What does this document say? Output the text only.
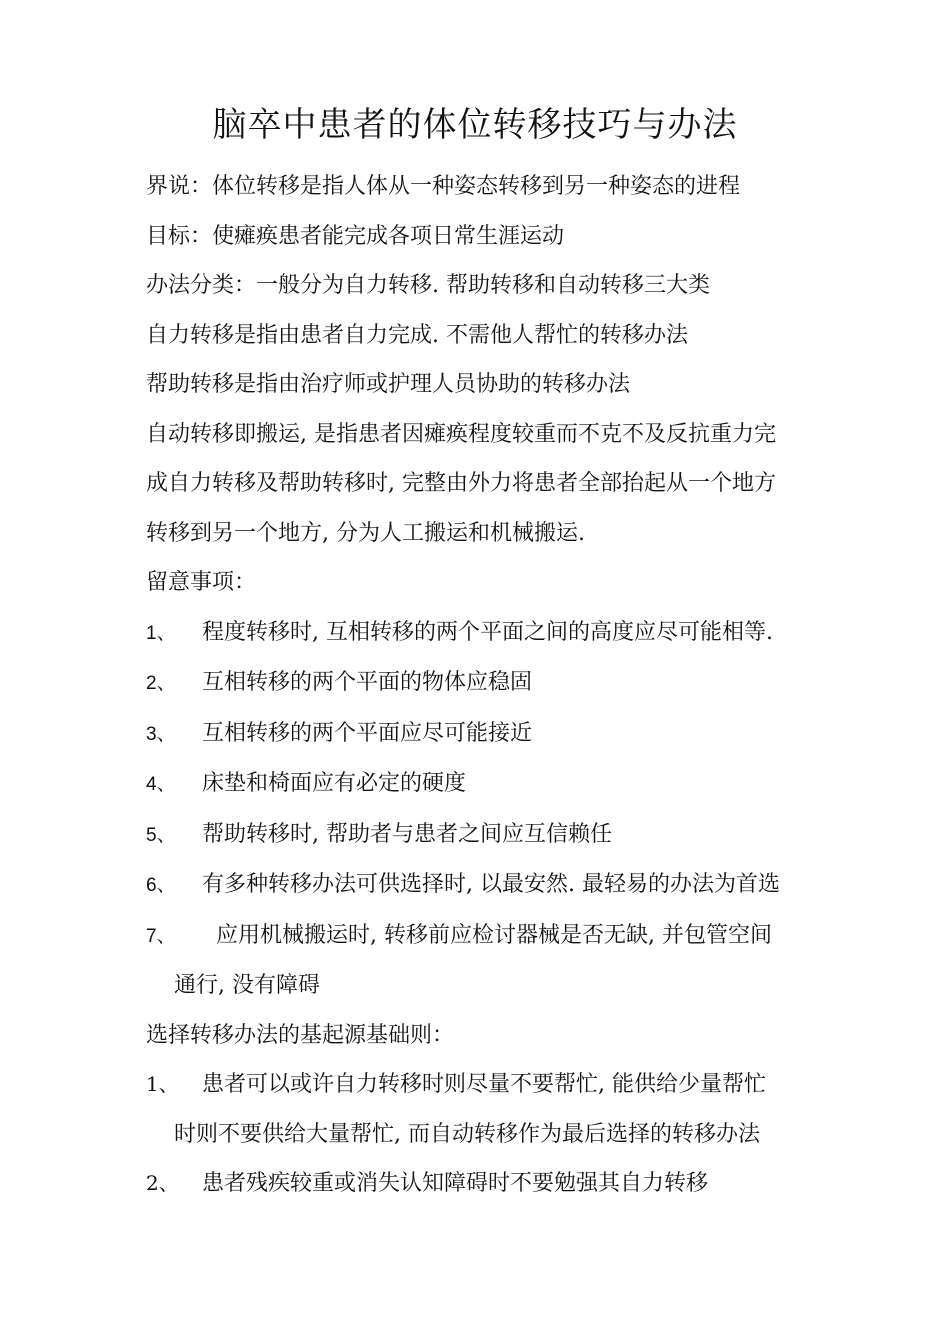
脑卒中患者的体位转移技巧与办法
界说：体位转移是指人体从一种姿态转移到另一种姿态的进程
目标：使瘫痪患者能完成各项日常生涯运动
办法分类：一般分为自力转移. 帮助转移和自动转移三大类
自力转移是指由患者自力完成. 不需他人帮忙的转移办法
帮助转移是指由治疗师或护理人员协助的转移办法
自动转移即搬运, 是指患者因瘫痪程度较重而不克不及反抗重力完
成自力转移及帮助转移时, 完整由外力将患者全部抬起从一个地方
转移到另一个地方, 分为人工搬运和机械搬运.
留意事项：
1、 程度转移时, 互相转移的两个平面之间的高度应尽可能相等.
2、 互相转移的两个平面的物体应稳固
3、 互相转移的两个平面应尽可能接近
4、 床垫和椅面应有必定的硬度
5、 帮助转移时, 帮助者与患者之间应互信赖任
6、 有多种转移办法可供选择时, 以最安然. 最轻易的办法为首选
7、 应用机械搬运时, 转移前应检讨器械是否无缺, 并包管空间
通行, 没有障碍
选择转移办法的基起源基础则：
1、 患者可以或许自力转移时则尽量不要帮忙, 能供给少量帮忙
时则不要供给大量帮忙, 而自动转移作为最后选择的转移办法
2、 患者残疾较重或消失认知障碍时不要勉强其自力转移
